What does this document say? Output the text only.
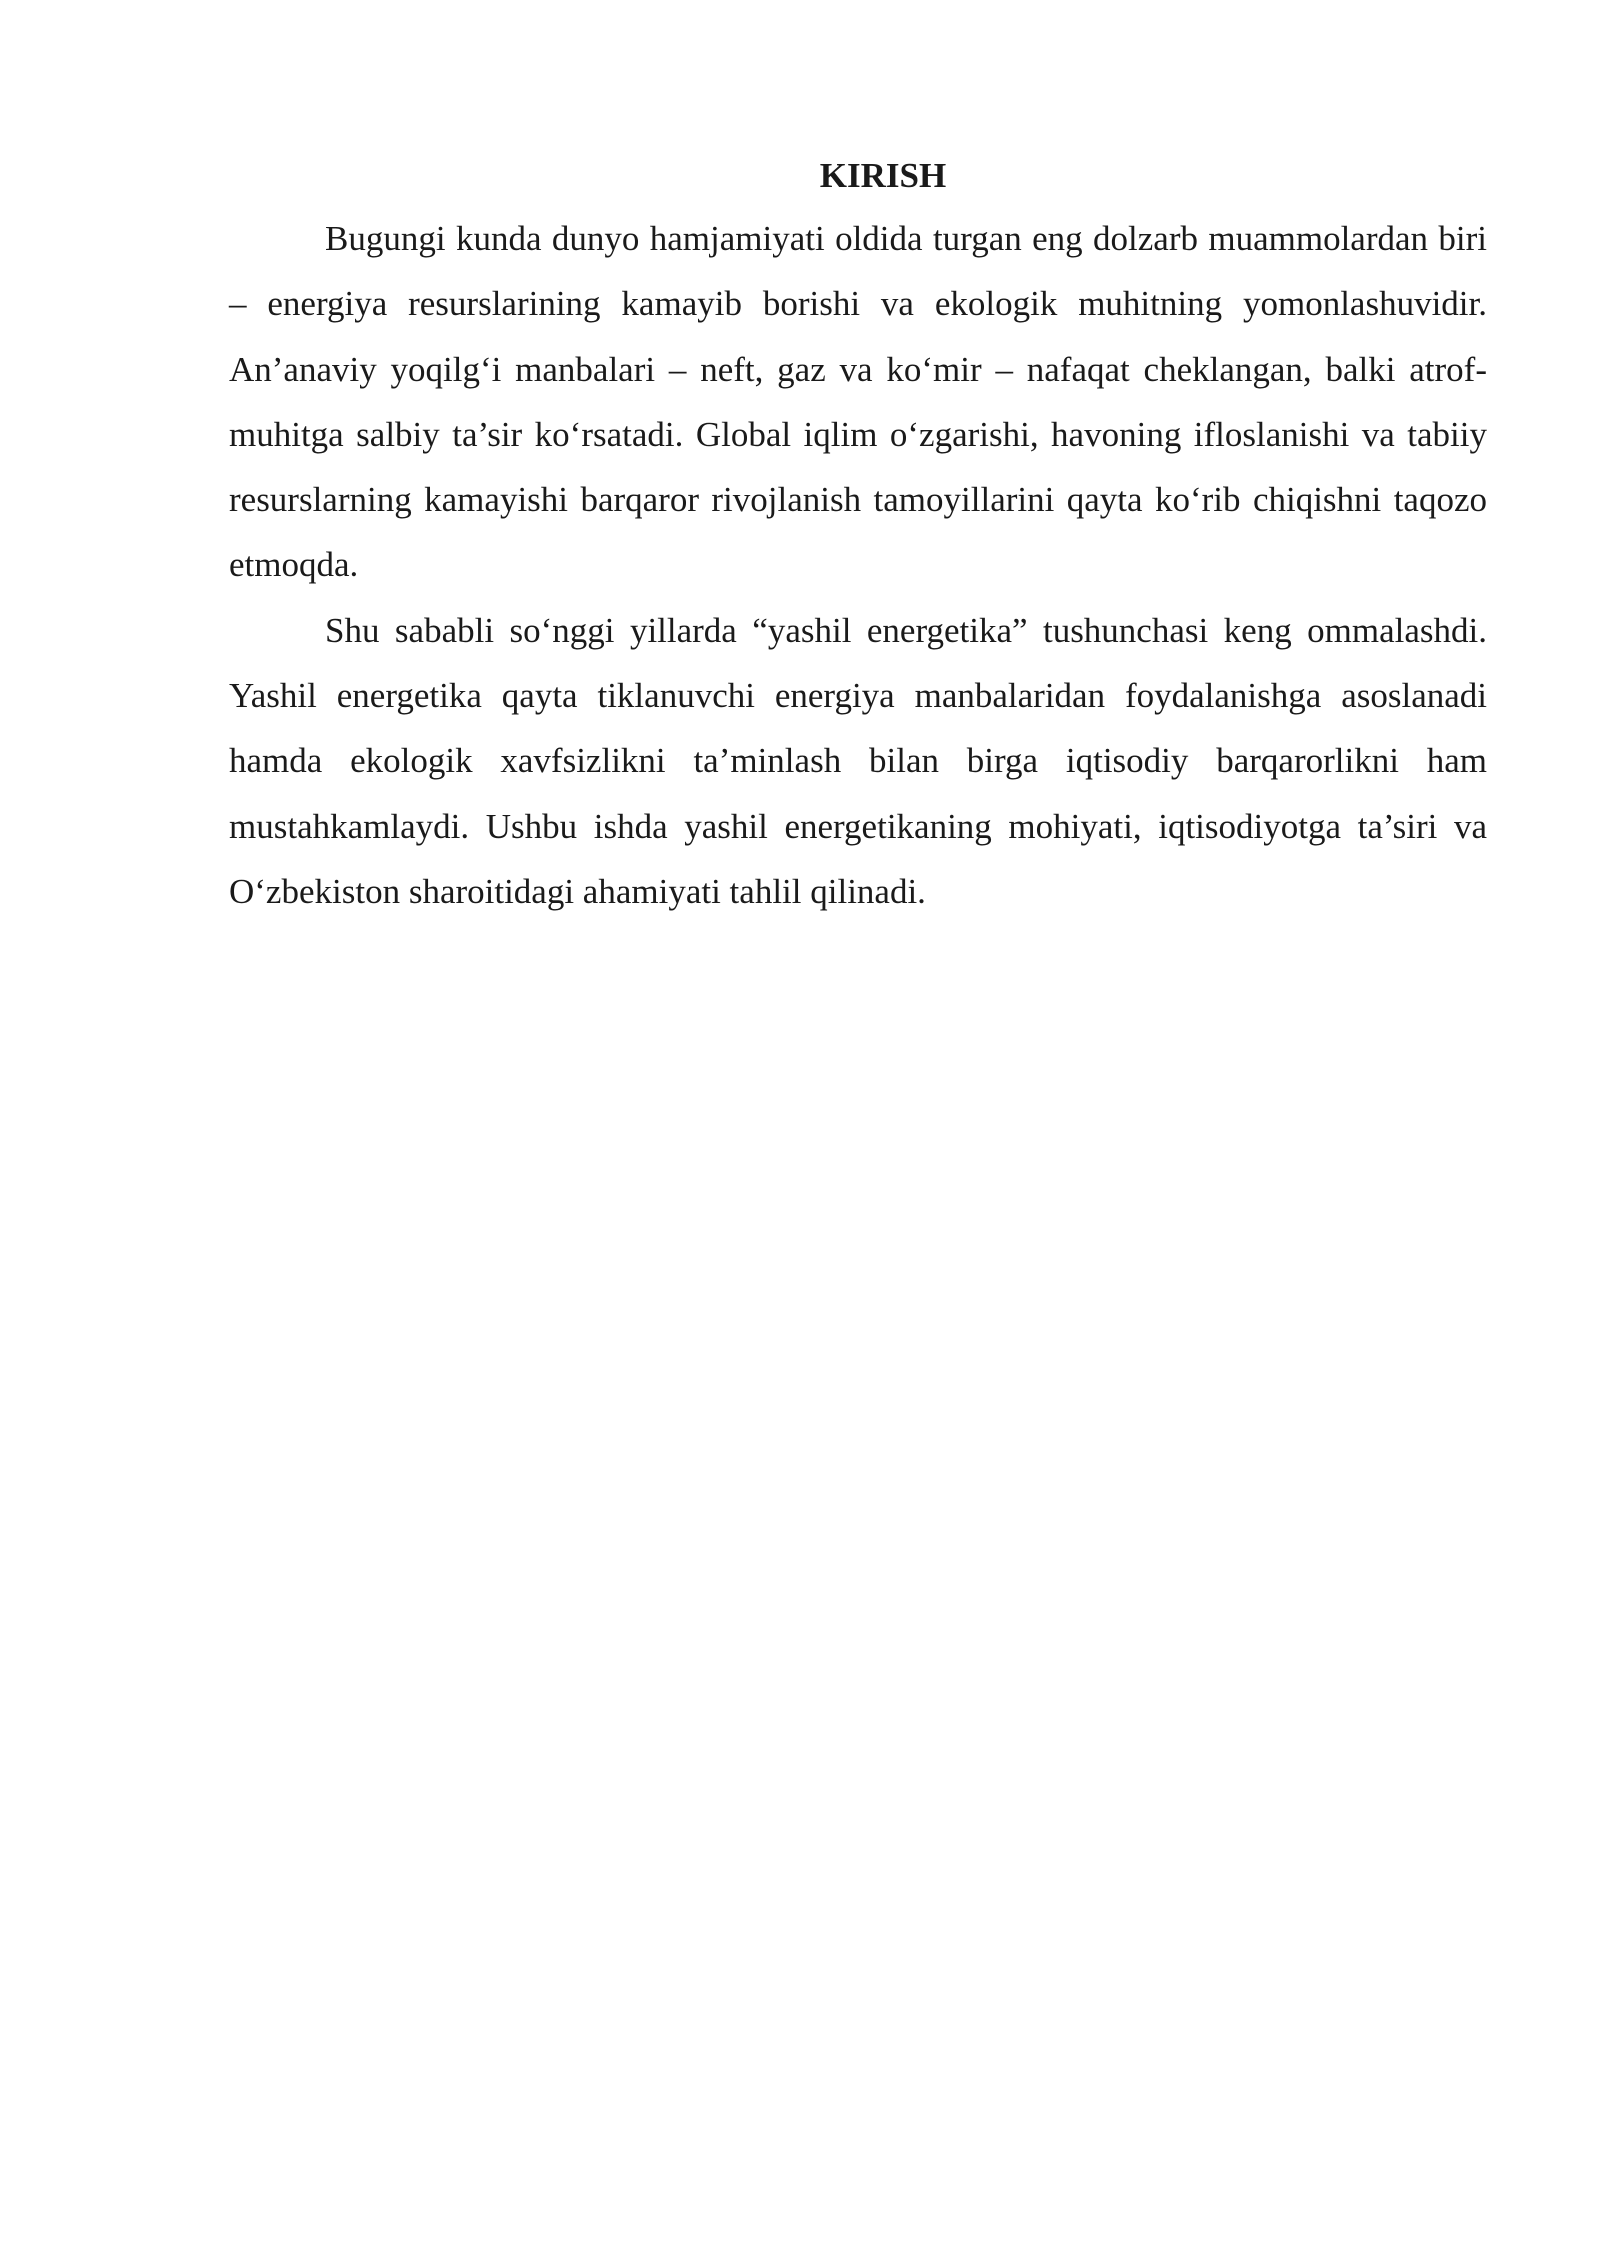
KIRISH

Bugungi kunda dunyo hamjamiyati oldida turgan eng dolzarb muammolardan biri – energiya resurslarining kamayib borishi va ekologik muhitning yomonlashuvidir. An’anaviy yoqilg‘i manbalari – neft, gaz va ko‘mir – nafaqat cheklangan, balki atrof-muhitga salbiy ta’sir ko‘rsatadi. Global iqlim o‘zgarishi, havoning ifloslanishi va tabiiy resurslarning kamayishi barqaror rivojlanish tamoyillarini qayta ko‘rib chiqishni taqozo etmoqda.

Shu sababli so‘nggi yillarda “yashil energetika” tushunchasi keng ommalashdi. Yashil energetika qayta tiklanuvchi energiya manbalaridan foydalanishga asoslanadi hamda ekologik xavfsizlikni ta’minlash bilan birga iqtisodiy barqarorlikni ham mustahkamlaydi. Ushbu ishda yashil energetikaning mohiyati, iqtisodiyotga ta’siri va O‘zbekiston sharoitidagi ahamiyati tahlil qilinadi.
